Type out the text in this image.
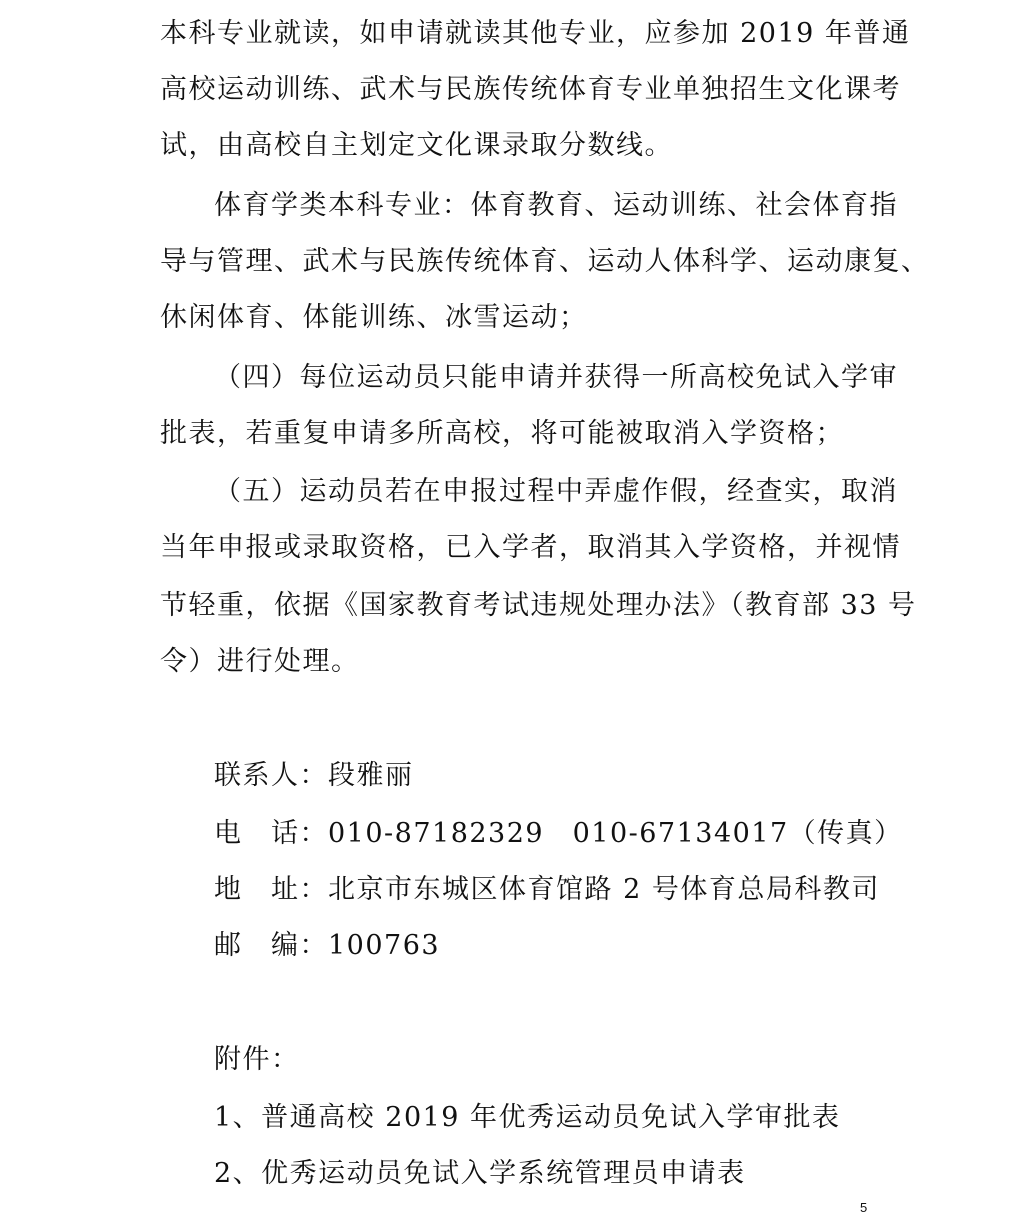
本科专业就读，如申请就读其他专业，应参加 2019 年普通
高校运动训练、武术与民族传统体育专业单独招生文化课考
试，由高校自主划定文化课录取分数线。
体育学类本科专业：体育教育、运动训练、社会体育指
导与管理、武术与民族传统体育、运动人体科学、运动康复、
休闲体育、体能训练、冰雪运动；
（四）每位运动员只能申请并获得一所高校免试入学审
批表，若重复申请多所高校，将可能被取消入学资格；
（五）运动员若在申报过程中弄虚作假，经查实，取消
当年申报或录取资格，已入学者，取消其入学资格，并视情
节轻重，依据《国家教育考试违规处理办法》（教育部 33 号
令）进行处理。
联系人：段雅丽
电　话：010-87182329　010-67134017（传真）
地　址：北京市东城区体育馆路 2 号体育总局科教司
邮　编：100763
附件：
1、普通高校 2019 年优秀运动员免试入学审批表
2、优秀运动员免试入学系统管理员申请表
5
